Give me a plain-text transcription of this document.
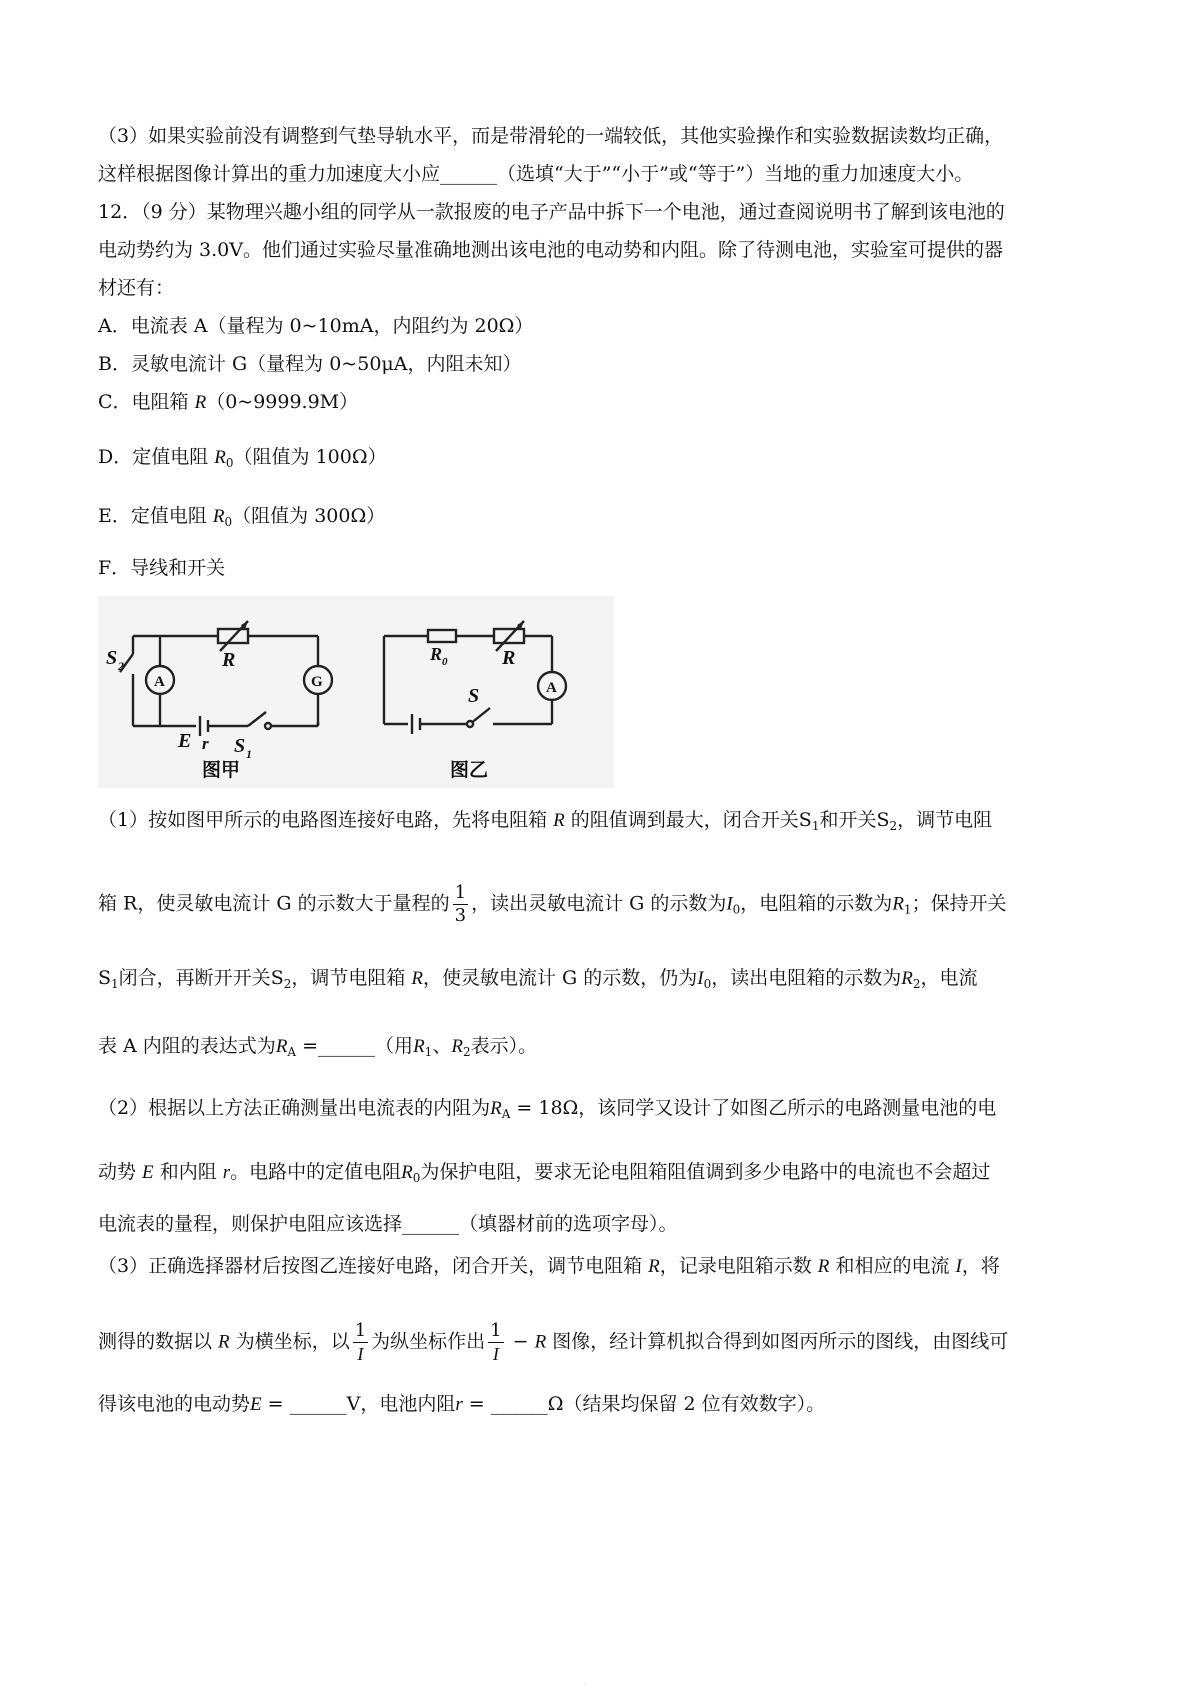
（3）如果实验前没有调整到气垫导轨水平，而是带滑轮的一端较低，其他实验操作和实验数据读数均正确，
这样根据图像计算出的重力加速度大小应______（选填“大于”“小于”或“等于”）当地的重力加速度大小。
12．（9 分）某物理兴趣小组的同学从一款报废的电子产品中拆下一个电池，通过查阅说明书了解到该电池的
电动势约为 3.0V。他们通过实验尽量准确地测出该电池的电动势和内阻。除了待测电池，实验室可提供的器
材还有：
A．电流表 A（量程为 0~10mA，内阻约为 20Ω）
B．灵敏电流计 G（量程为 0~50μA，内阻未知）
C．电阻箱 R（0~9999.9M）
D．定值电阻 $R_0$（阻值为 100Ω）
E．定值电阻 $R_0$（阻值为 300Ω）
F．导线和开关
S 2
A
R
G
E r S 1
R 0	R
A
S
图甲	图乙
（1）按如图甲所示的电路图连接好电路，先将电阻箱 R 的阻值调到最大，闭合开关$S_1$和开关$S_2$，调节电阻
箱 R，使灵敏电流计 G 的示数大于量程的 $\frac{1}{3}$ ，读出灵敏电流计 G 的示数为$I_0$，电阻箱的示数为$R_1$；保持开关
$S_1$闭合，再断开开关$S_2$，调节电阻箱 R，使灵敏电流计 G 的示数，仍为$I_0$，读出电阻箱的示数为$R_2$，电流
表 A 内阻的表达式为$R_A$ =______（用$R_1$、$R_2$表示）。
（2）根据以上方法正确测量出电流表的内阻为$R_A = 18\Omega$，该同学又设计了如图乙所示的电路测量电池的电
动势 E 和内阻 r。电路中的定值电阻$R_0$为保护电阻，要求无论电阻箱阻值调到多少电路中的电流也不会超过
电流表的量程，则保护电阻应该选择______（填器材前的选项字母）。
（3）正确选择器材后按图乙连接好电路，闭合开关，调节电阻箱 R，记录电阻箱示数 R 和相应的电流 I，将
测得的数据以 R 为横坐标，以 $\frac{1}{I}$ 为纵坐标作出 $\frac{1}{I} - R$ 图像，经计算机拟合得到如图丙所示的图线，由图线可
得该电池的电动势E = ______V，电池内阻r = ______Ω（结果均保留 2 位有效数字）。
·
